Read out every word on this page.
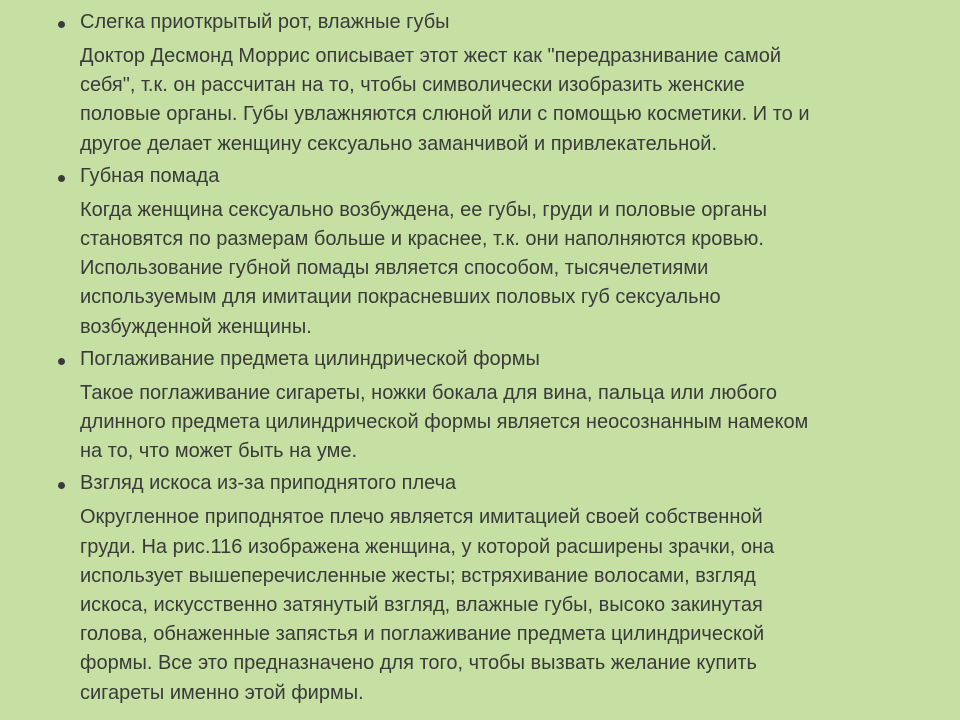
Слегка приоткрытый рот, влажные губы
Доктор Десмонд Моррис описывает этот жест как "передразнивание самой
себя", т.к. он рассчитан на то, чтобы символически изобразить женские
половые органы. Губы увлажняются слюной или с помощью косметики. И то и
другое делает женщину сексуально заманчивой и привлекательной.
Губная помада
Когда женщина сексуально возбуждена, ее губы, груди и половые органы
становятся по размерам больше и краснее, т.к. они наполняются кровью.
Использование губной помады является способом, тысячелетиями
используемым для имитации покрасневших половых губ сексуально
возбужденной женщины.
Поглаживание предмета цилиндрической формы
Такое поглаживание сигареты, ножки бокала для вина, пальца или любого
длинного предмета цилиндрической формы является неосознанным намеком
на то, что может быть на уме.
Взгляд искоса из-за приподнятого плеча
Округленное приподнятое плечо является имитацией своей собственной
груди. На рис.116 изображена женщина, у которой расширены зрачки, она
использует вышеперечисленные жесты; встряхивание волосами, взгляд
искоса, искусственно затянутый взгляд, влажные губы, высоко закинутая
голова, обнаженные запястья и поглаживание предмета цилиндрической
формы. Все это предназначено для того, чтобы вызвать желание купить
сигареты именно этой фирмы.
